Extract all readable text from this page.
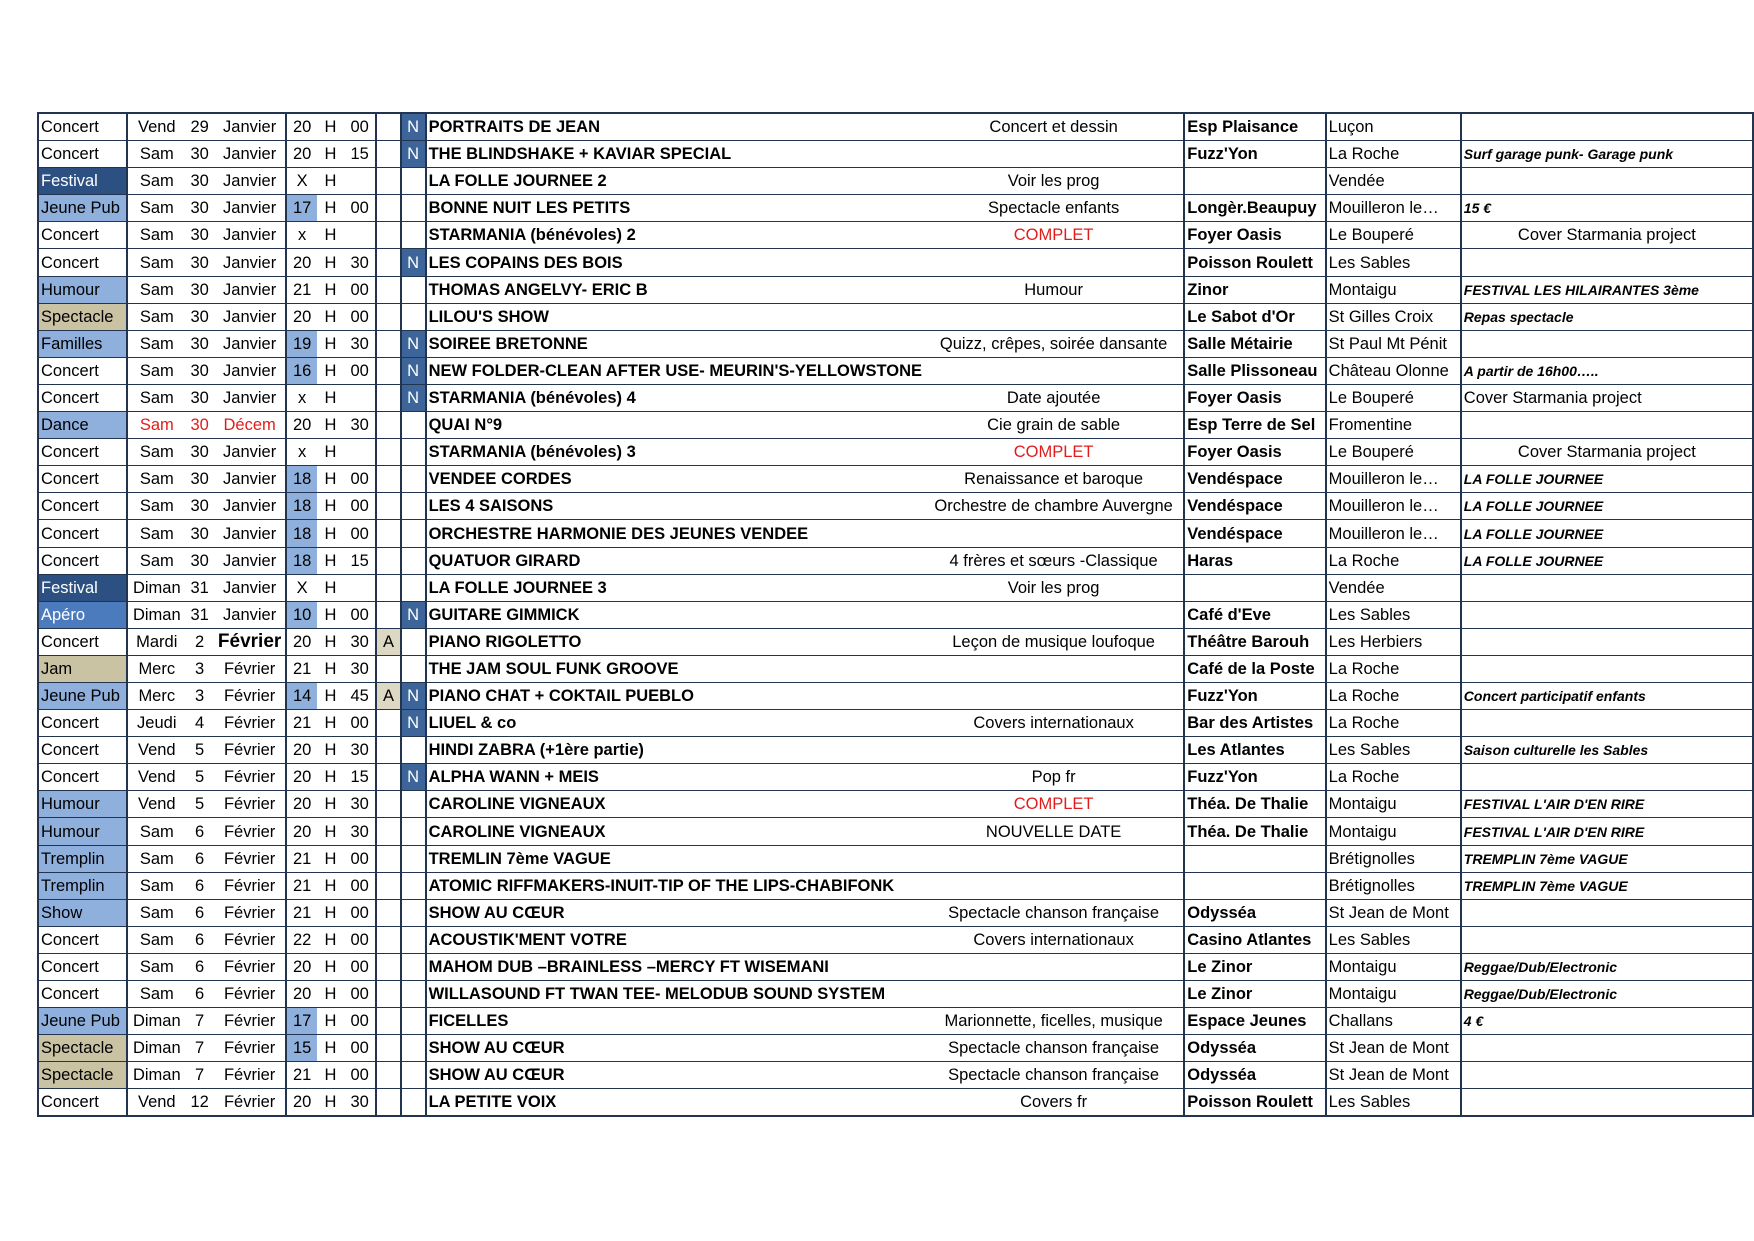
Concert	Vend	29	Janvier	20	H	00		N	PORTRAITS DE JEAN	Concert et dessin	Esp Plaisance	Luçon	
Concert	Sam	30	Janvier	20	H	15		N	THE BLINDSHAKE + KAVIAR SPECIAL		Fuzz'Yon	La Roche	Surf garage punk- Garage punk
Festival	Sam	30	Janvier	X	H				LA FOLLE JOURNEE 2	Voir les prog		Vendée	
Jeune Pub	Sam	30	Janvier	17	H	00			BONNE NUIT LES PETITS	Spectacle enfants	Longèr.Beaupuy	Mouilleron le…	15 €
Concert	Sam	30	Janvier	x	H				STARMANIA (bénévoles) 2	COMPLET	Foyer Oasis	Le Bouperé	Cover Starmania project
Concert	Sam	30	Janvier	20	H	30		N	LES COPAINS DES BOIS		Poisson Roulett	Les Sables	
Humour	Sam	30	Janvier	21	H	00			THOMAS ANGELVY- ERIC B	Humour	Zinor	Montaigu	FESTIVAL LES HILAIRANTES 3ème
Spectacle	Sam	30	Janvier	20	H	00			LILOU'S SHOW		Le Sabot d'Or	St Gilles Croix	Repas spectacle
Familles	Sam	30	Janvier	19	H	30		N	SOIREE BRETONNE	Quizz, crêpes, soirée dansante	Salle Métairie	St Paul Mt Pénit	
Concert	Sam	30	Janvier	16	H	00		N	NEW FOLDER-CLEAN AFTER USE- MEURIN'S-YELLOWSTONE		Salle Plissoneau	Château Olonne	A partir de 16h00…..
Concert	Sam	30	Janvier	x	H			N	STARMANIA (bénévoles) 4	Date ajoutée	Foyer Oasis	Le Bouperé	Cover Starmania project
Dance	Sam	30	Décem	20	H	30			QUAI N°9	Cie grain de sable	Esp Terre de Sel	Fromentine	
Concert	Sam	30	Janvier	x	H				STARMANIA (bénévoles) 3	COMPLET	Foyer Oasis	Le Bouperé	Cover Starmania project
Concert	Sam	30	Janvier	18	H	00			VENDEE CORDES	Renaissance et baroque	Vendéspace	Mouilleron le…	LA FOLLE JOURNEE
Concert	Sam	30	Janvier	18	H	00			LES 4 SAISONS	Orchestre de chambre Auvergne	Vendéspace	Mouilleron le…	LA FOLLE JOURNEE
Concert	Sam	30	Janvier	18	H	00			ORCHESTRE HARMONIE DES JEUNES VENDEE		Vendéspace	Mouilleron le…	LA FOLLE JOURNEE
Concert	Sam	30	Janvier	18	H	15			QUATUOR GIRARD	4 frères et sœurs -Classique	Haras	La Roche	LA FOLLE JOURNEE
Festival	Diman	31	Janvier	X	H				LA FOLLE JOURNEE 3	Voir les prog		Vendée	
Apéro	Diman	31	Janvier	10	H	00		N	GUITARE GIMMICK		Café d'Eve	Les Sables	
Concert	Mardi	2	Février	20	H	30	A		PIANO RIGOLETTO	Leçon de musique loufoque	Théâtre Barouh	Les Herbiers	
Jam	Merc	3	Février	21	H	30			THE JAM SOUL FUNK GROOVE		Café de la Poste	La Roche	
Jeune Pub	Merc	3	Février	14	H	45	A	N	PIANO CHAT + COKTAIL PUEBLO		Fuzz'Yon	La Roche	Concert participatif enfants
Concert	Jeudi	4	Février	21	H	00		N	LIUEL & co	Covers internationaux	Bar des Artistes	La Roche	
Concert	Vend	5	Février	20	H	30			HINDI ZABRA (+1ère partie)		Les Atlantes	Les Sables	Saison culturelle les Sables
Concert	Vend	5	Février	20	H	15		N	ALPHA WANN + MEIS	Pop fr	Fuzz'Yon	La Roche	
Humour	Vend	5	Février	20	H	30			CAROLINE VIGNEAUX	COMPLET	Théa. De Thalie	Montaigu	FESTIVAL L'AIR D'EN RIRE
Humour	Sam	6	Février	20	H	30			CAROLINE VIGNEAUX	NOUVELLE DATE	Théa. De Thalie	Montaigu	FESTIVAL L'AIR D'EN RIRE
Tremplin	Sam	6	Février	21	H	00			TREMLIN 7ème VAGUE			Brétignolles	TREMPLIN 7ème VAGUE
Tremplin	Sam	6	Février	21	H	00			ATOMIC RIFFMAKERS-INUIT-TIP OF THE LIPS-CHABIFONK			Brétignolles	TREMPLIN 7ème VAGUE
Show	Sam	6	Février	21	H	00			SHOW AU CŒUR	Spectacle chanson française	Odysséa	St Jean de Mont	
Concert	Sam	6	Février	22	H	00			ACOUSTIK'MENT VOTRE	Covers internationaux	Casino Atlantes	Les Sables	
Concert	Sam	6	Février	20	H	00			MAHOM DUB –BRAINLESS –MERCY FT WISEMANI		Le Zinor	Montaigu	Reggae/Dub/Electronic
Concert	Sam	6	Février	20	H	00			WILLASOUND FT TWAN TEE- MELODUB SOUND SYSTEM		Le Zinor	Montaigu	Reggae/Dub/Electronic
Jeune Pub	Diman	7	Février	17	H	00			FICELLES	Marionnette, ficelles, musique	Espace Jeunes	Challans	4 €
Spectacle	Diman	7	Février	15	H	00			SHOW AU CŒUR	Spectacle chanson française	Odysséa	St Jean de Mont	
Spectacle	Diman	7	Février	21	H	00			SHOW AU CŒUR	Spectacle chanson française	Odysséa	St Jean de Mont	
Concert	Vend	12	Février	20	H	30			LA PETITE VOIX	Covers fr	Poisson Roulett	Les Sables	
